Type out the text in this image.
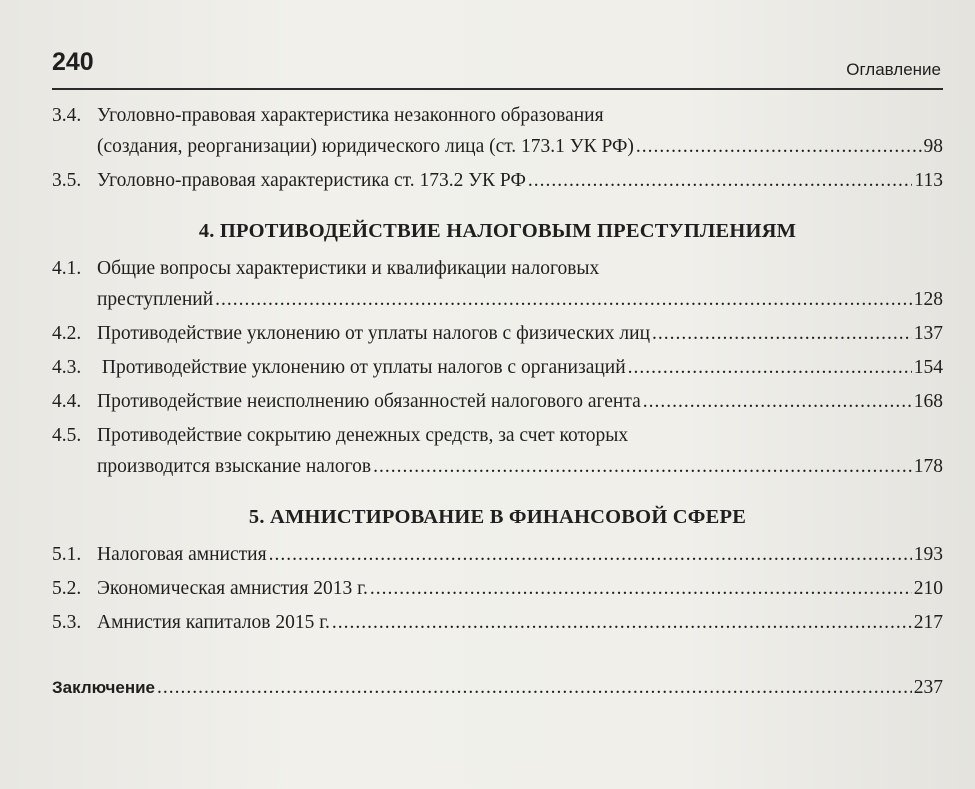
240	Оглавление
3.4. Уголовно-правовая характеристика незаконного образования
(создания, реорганизации) юридического лица (ст. 173.1 УК РФ) .....	98
3.5. Уголовно-правовая характеристика ст. 173.2 УК РФ .....	113
4. ПРОТИВОДЕЙСТВИЕ НАЛОГОВЫМ ПРЕСТУПЛЕНИЯМ
4.1. Общие вопросы характеристики и квалификации налоговых
преступлений .....	128
4.2. Противодействие уклонению от уплаты налогов с физических лиц .....	137
4.3. Противодействие уклонению от уплаты налогов с организаций .....	154
4.4. Противодействие неисполнению обязанностей налогового агента .....	168
4.5. Противодействие сокрытию денежных средств, за счет которых
производится взыскание налогов .....	178
5. АМНИСТИРОВАНИЕ В ФИНАНСОВОЙ СФЕРЕ
5.1. Налоговая амнистия .....	193
5.2. Экономическая амнистия 2013 г. .....	210
5.3. Амнистия капиталов 2015 г. .....	217
Заключение .....	237
